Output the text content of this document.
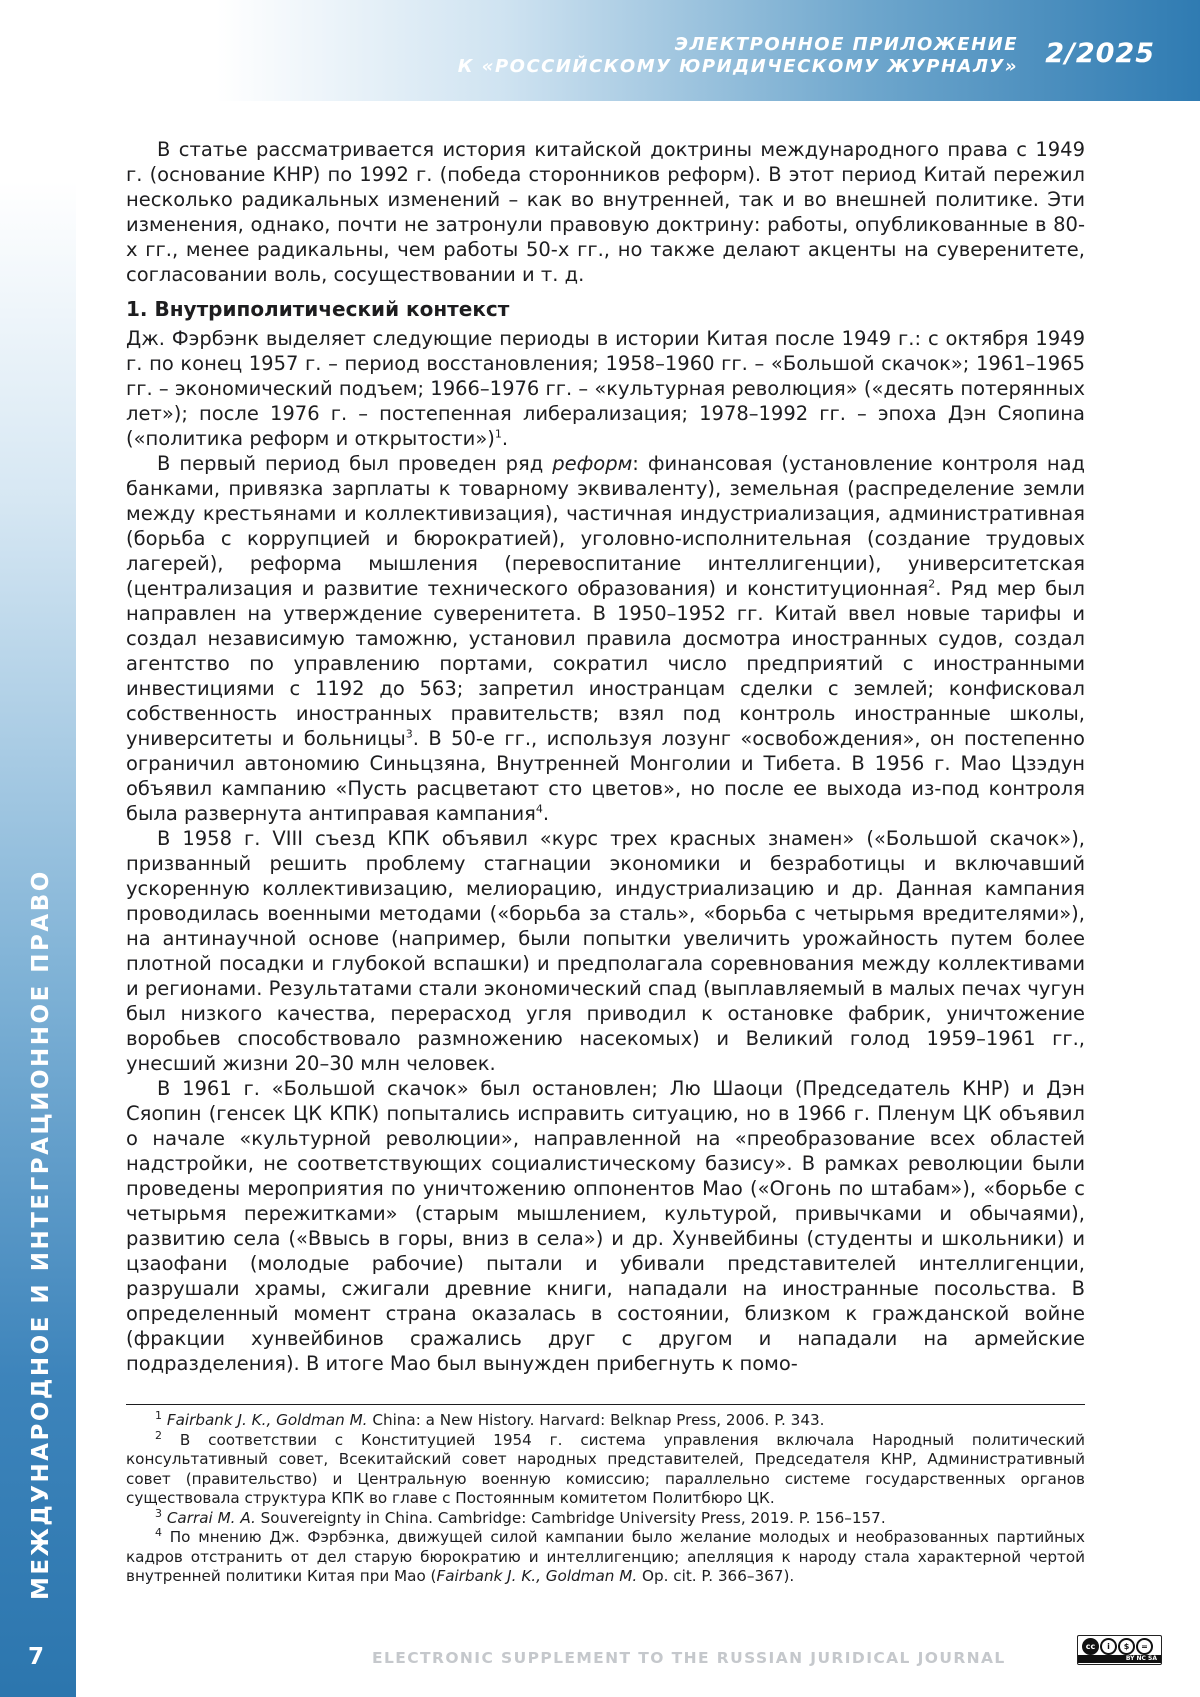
ЭЛЕКТРОННОЕ ПРИЛОЖЕНИЕ
К «РОССИЙСКОМУ ЮРИДИЧЕСКОМУ ЖУРНАЛУ» 2/2025
МЕЖДУНАРОДНОЕ И ИНТЕГРАЦИОННОЕ ПРАВО
7

В статье рассматривается история китайской доктрины международного права с 1949 г. (основание КНР) по 1992 г. (победа сторонников реформ). В этот период Китай пережил несколько радикальных изменений – как во внутренней, так и во внешней политике. Эти изменения, однако, почти не затронули правовую доктрину: работы, опубликованные в 80-х гг., менее радикальны, чем работы 50-х гг., но также делают акценты на суверенитете, согласовании воль, сосуществовании и т. д.

1. Внутриполитический контекст

Дж. Фэрбэнк выделяет следующие периоды в истории Китая после 1949 г.: с октября 1949 г. по конец 1957 г. – период восстановления; 1958–1960 гг. – «Большой скачок»; 1961–1965 гг. – экономический подъем; 1966–1976 гг. – «культурная революция» («десять потерянных лет»); после 1976 г. – постепенная либерализация; 1978–1992 гг. – эпоха Дэн Сяопина («политика реформ и открытости»)$^1$.

В первый период был проведен ряд реформ: финансовая (установление контроля над банками, привязка зарплаты к товарному эквиваленту), земельная (распределение земли между крестьянами и коллективизация), частичная индустриализация, административная (борьба с коррупцией и бюрократией), уголовно-исполнительная (создание трудовых лагерей), реформа мышления (перевоспитание интеллигенции), университетская (централизация и развитие технического образования) и конституционная$^2$. Ряд мер был направлен на утверждение суверенитета. В 1950–1952 гг. Китай ввел новые тарифы и создал независимую таможню, установил правила досмотра иностранных судов, создал агентство по управлению портами, сократил число предприятий с иностранными инвестициями с 1192 до 563; запретил иностранцам сделки с землей; конфисковал собственность иностранных правительств; взял под контроль иностранные школы, университеты и больницы$^3$. В 50-е гг., используя лозунг «освобождения», он постепенно ограничил автономию Синьцзяна, Внутренней Монголии и Тибета. В 1956 г. Мао Цзэдун объявил кампанию «Пусть расцветают сто цветов», но после ее выхода из-под контроля была развернута антиправая кампания$^4$.

В 1958 г. VIII съезд КПК объявил «курс трех красных знамен» («Большой скачок»), призванный решить проблему стагнации экономики и безработицы и включавший ускоренную коллективизацию, мелиорацию, индустриализацию и др. Данная кампания проводилась военными методами («борьба за сталь», «борьба с четырьмя вредителями»), на антинаучной основе (например, были попытки увеличить урожайность путем более плотной посадки и глубокой вспашки) и предполагала соревнования между коллективами и регионами. Результатами стали экономический спад (выплавляемый в малых печах чугун был низкого качества, перерасход угля приводил к остановке фабрик, уничтожение воробьев способствовало размножению насекомых) и Великий голод 1959–1961 гг., унесший жизни 20–30 млн человек.

В 1961 г. «Большой скачок» был остановлен; Лю Шаоци (Председатель КНР) и Дэн Сяопин (генсек ЦК КПК) попытались исправить ситуацию, но в 1966 г. Пленум ЦК объявил о начале «культурной революции», направленной на «преобразование всех областей надстройки, не соответствующих социалистическому базису». В рамках революции были проведены мероприятия по уничтожению оппонентов Мао («Огонь по штабам»), «борьбе с четырьмя пережитками» (старым мышлением, культурой, привычками и обычаями), развитию села («Ввысь в горы, вниз в села») и др. Хунвейбины (студенты и школьники) и цзаофани (молодые рабочие) пытали и убивали представителей интеллигенции, разрушали храмы, сжигали древние книги, нападали на иностранные посольства. В определенный момент страна оказалась в состоянии, близком к гражданской войне (фракции хунвейбинов сражались друг с другом и нападали на армейские подразделения). В итоге Мао был вынужден прибегнуть к помо-

$^1$ Fairbank J. K., Goldman M. China: a New History. Harvard: Belknap Press, 2006. P. 343.

$^2$ В соответствии с Конституцией 1954 г. система управления включала Народный политический консультативный совет, Всекитайский совет народных представителей, Председателя КНР, Административный совет (правительство) и Центральную военную комиссию; параллельно системе государственных органов существовала структура КПК во главе с Постоянным комитетом Политбюро ЦК.

$^3$ Carrai M. A. Souvereignty in China. Cambridge: Cambridge University Press, 2019. P. 156–157.

$^4$ По мнению Дж. Фэрбэнка, движущей силой кампании было желание молодых и необразованных партийных кадров отстранить от дел старую бюрократию и интеллигенцию; апелляция к народу стала характерной чертой внутренней политики Китая при Мао (Fairbank J. K., Goldman M. Op. cit. P. 366–367).

ELECTRONIC SUPPLEMENT TO THE RUSSIAN JURIDICAL JOURNAL
cc	i	$	=
BY NC SA
